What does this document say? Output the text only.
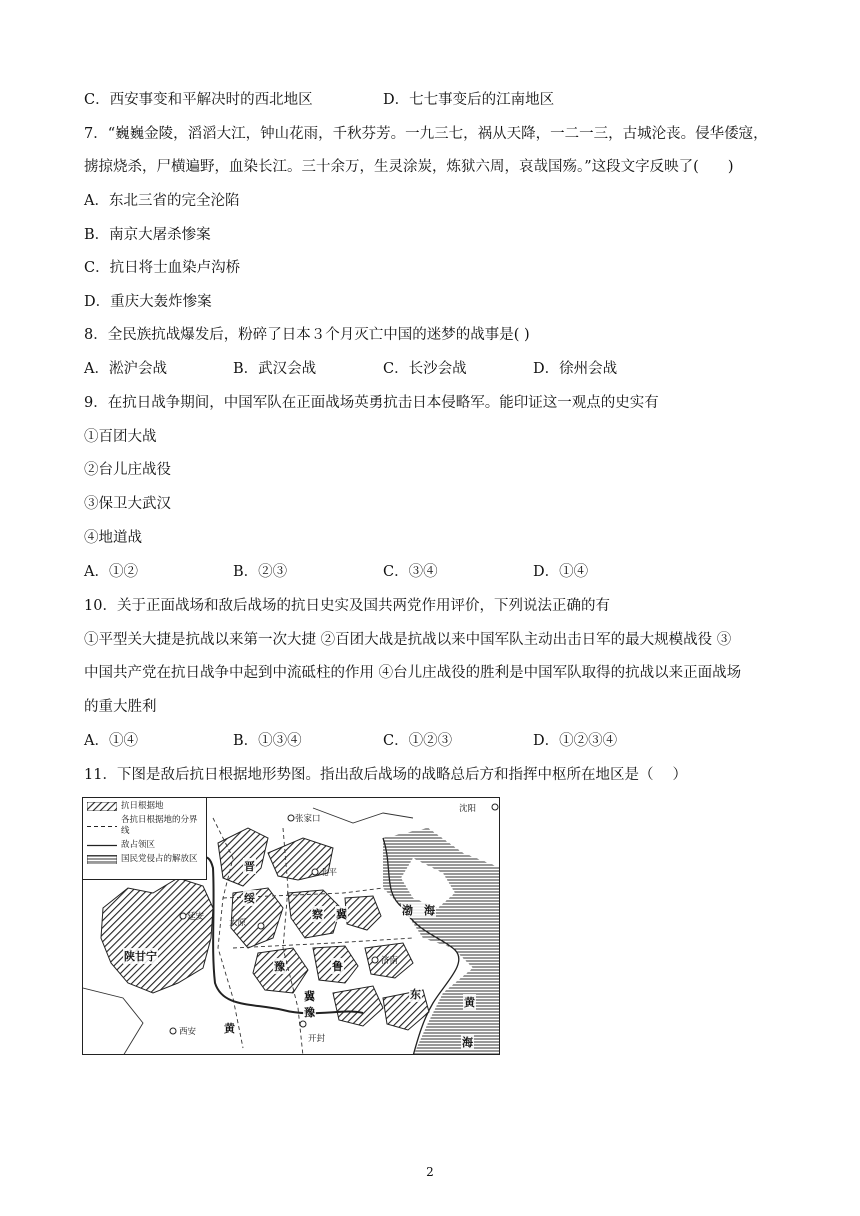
C．西安事变和平解决时的西北地区	D．七七事变后的江南地区
7．“巍巍金陵，滔滔大江，钟山花雨，千秋芬芳。一九三七，祸从天降，一二一三，古城沦丧。侵华倭寇，
掳掠烧杀，尸横遍野，血染长江。三十余万，生灵涂炭，炼狱六周，哀哉国殇。”这段文字反映了(　　)
A．东北三省的完全沦陷
B．南京大屠杀惨案
C．抗日将士血染卢沟桥
D．重庆大轰炸惨案
8．全民族抗战爆发后，粉碎了日本３个月灭亡中国的迷梦的战事是( )
A．淞沪会战	B．武汉会战	C．长沙会战	D．徐州会战
9．在抗日战争期间，中国军队在正面战场英勇抗击日本侵略军。能印证这一观点的史实有
①百团大战
②台儿庄战役
③保卫大武汉
④地道战
A．①②	B．②③	C．③④	D．①④
10．关于正面战场和敌后战场的抗日史实及国共两党作用评价，下列说法正确的有
①平型关大捷是抗战以来第一次大捷 ②百团大战是抗战以来中国军队主动出击日军的最大规模战役 ③
中国共产党在抗日战争中起到中流砥柱的作用 ④台儿庄战役的胜利是中国军队取得的抗战以来正面战场
的重大胜利
A．①④	B．①③④	C．①②③	D．①②③④
11．下图是敌后抗日根据地形势图。指出敌后战场的战略总后方和指挥中枢所在地区是（　 ）
抗日根据地
各抗日根据地的分界线
敌占领区
国民党侵占的解放区
沈阳
张家口
北平
渤　海
济南
太原
延安
陕甘宁
西安
开封
黄
东
黄
海
晋
绥
察 冀
鲁
豫
冀
豫
2
